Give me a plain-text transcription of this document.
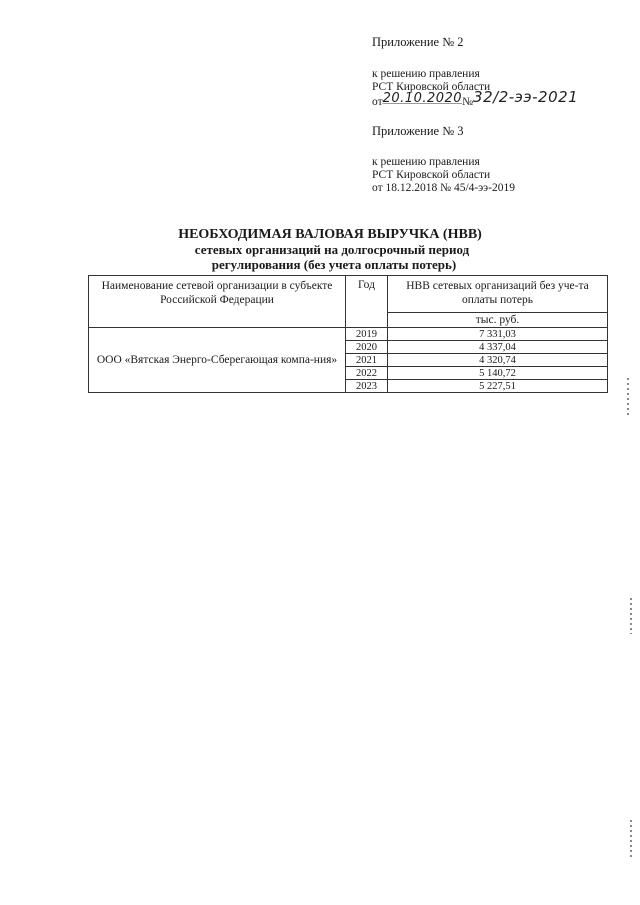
Приложение № 2
к решению правления
РСТ Кировской области
от20.10.2020№32/2-ээ-2021
Приложение № 3
к решению правления
РСТ Кировской области
от 18.12.2018 № 45/4-ээ-2019
НЕОБХОДИМАЯ ВАЛОВАЯ ВЫРУЧКА (НВВ)
сетевых организаций на долгосрочный период
регулирования (без учета оплаты потерь)
Наименование сетевой организации в субъекте Российской Федерации	Год	НВВ сетевых организаций без уче-та оплаты потерь
		тыс. руб.
ООО «Вятская Энерго-Сберегающая компа-ния»	2019	7 331,03
	2020	4 337,04
	2021	4 320,74
	2022	5 140,72
	2023	5 227,51
